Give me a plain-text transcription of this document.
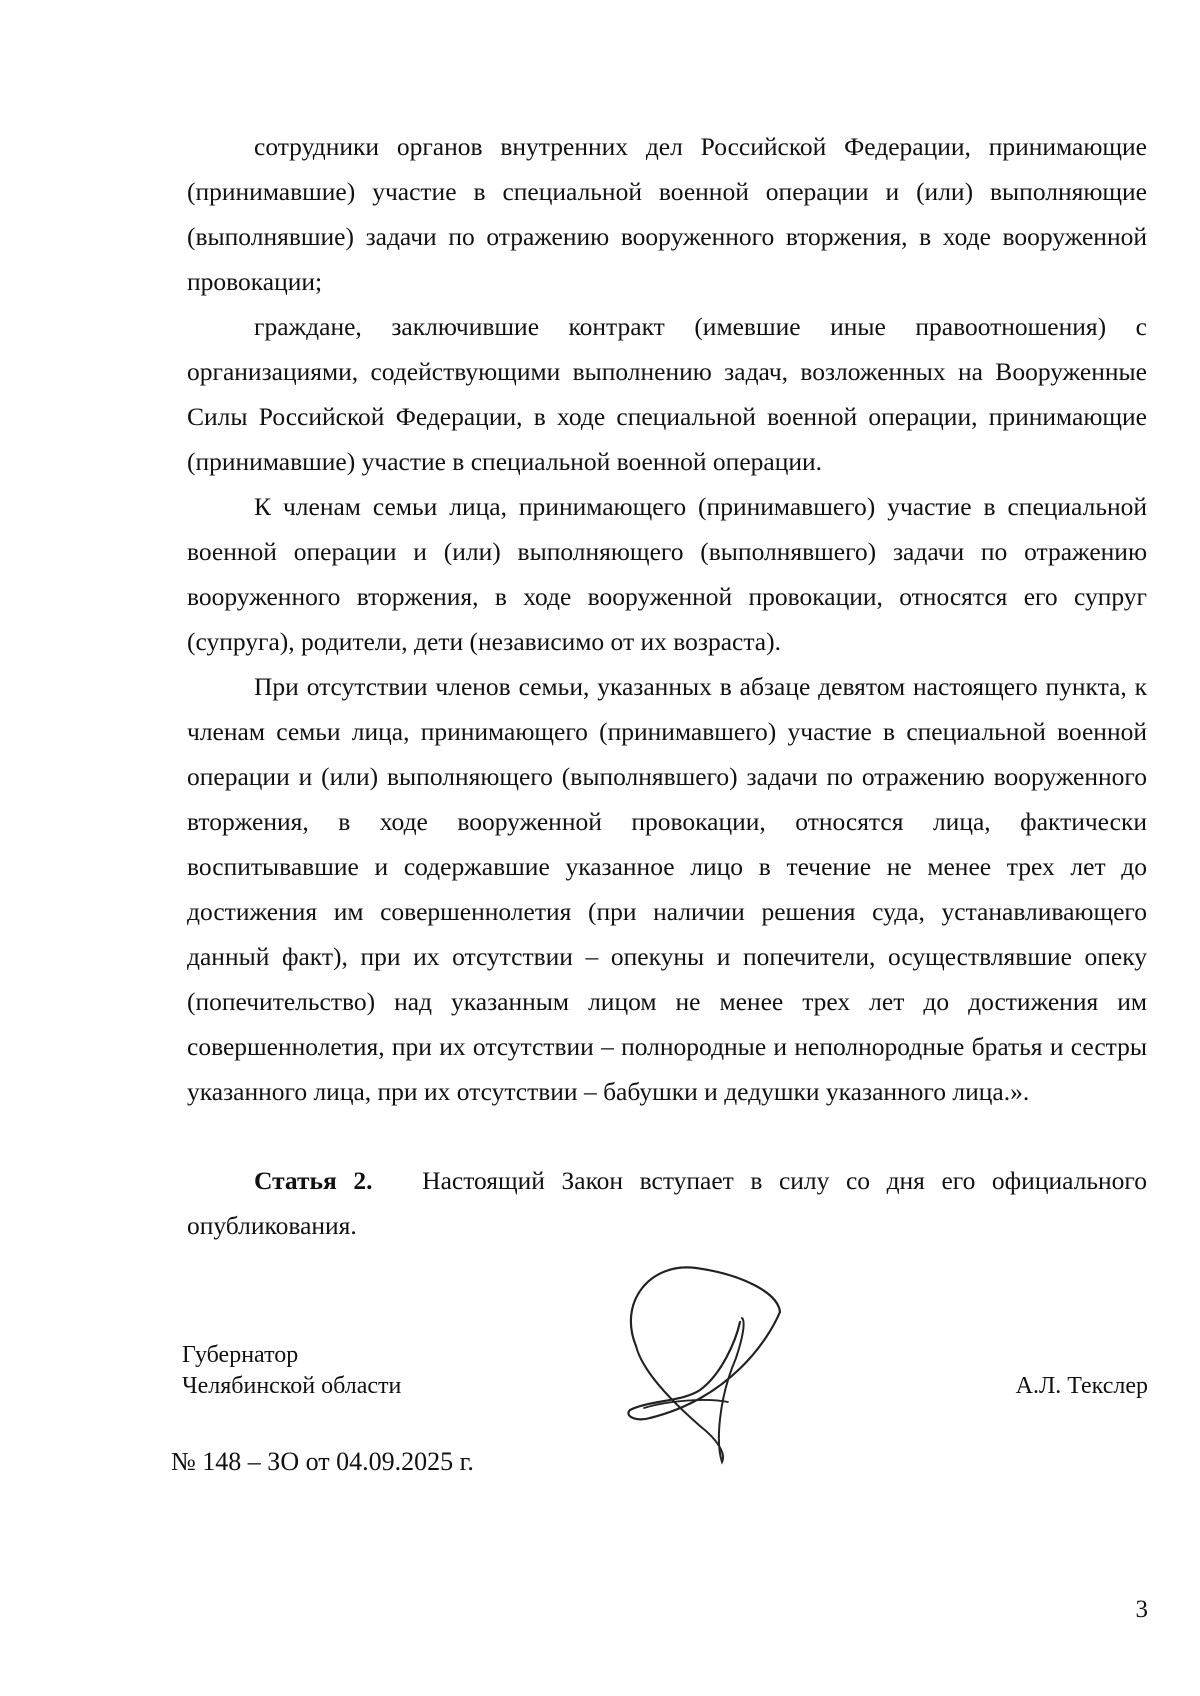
сотрудники органов внутренних дел Российской Федерации, принимающие (принимавшие) участие в специальной военной операции и (или) выполняющие (выполнявшие) задачи по отражению вооруженного вторжения, в ходе вооруженной провокации;

граждане, заключившие контракт (имевшие иные правоотношения) с организациями, содействующими выполнению задач, возложенных на Вооруженные Силы Российской Федерации, в ходе специальной военной операции, принимающие (принимавшие) участие в специальной военной операции.

К членам семьи лица, принимающего (принимавшего) участие в специальной военной операции и (или) выполняющего (выполнявшего) задачи по отражению вооруженного вторжения, в ходе вооруженной провокации, относятся его супруг (супруга), родители, дети (независимо от их возраста).

При отсутствии членов семьи, указанных в абзаце девятом настоящего пункта, к членам семьи лица, принимающего (принимавшего) участие в специальной военной операции и (или) выполняющего (выполнявшего) задачи по отражению вооруженного вторжения, в ходе вооруженной провокации, относятся лица, фактически воспитывавшие и содержавшие указанное лицо в течение не менее трех лет до достижения им совершеннолетия (при наличии решения суда, устанавливающего данный факт), при их отсутствии – опекуны и попечители, осуществлявшие опеку (попечительство) над указанным лицом не менее трех лет до достижения им совершеннолетия, при их отсутствии – полнородные и неполнородные братья и сестры указанного лица, при их отсутствии – бабушки и дедушки указанного лица.».

Статья 2. Настоящий Закон вступает в силу со дня его официального опубликования.

Губернатор
Челябинской области	А.Л. Текслер
№ 148 – ЗО от 04.09.2025 г.
3
